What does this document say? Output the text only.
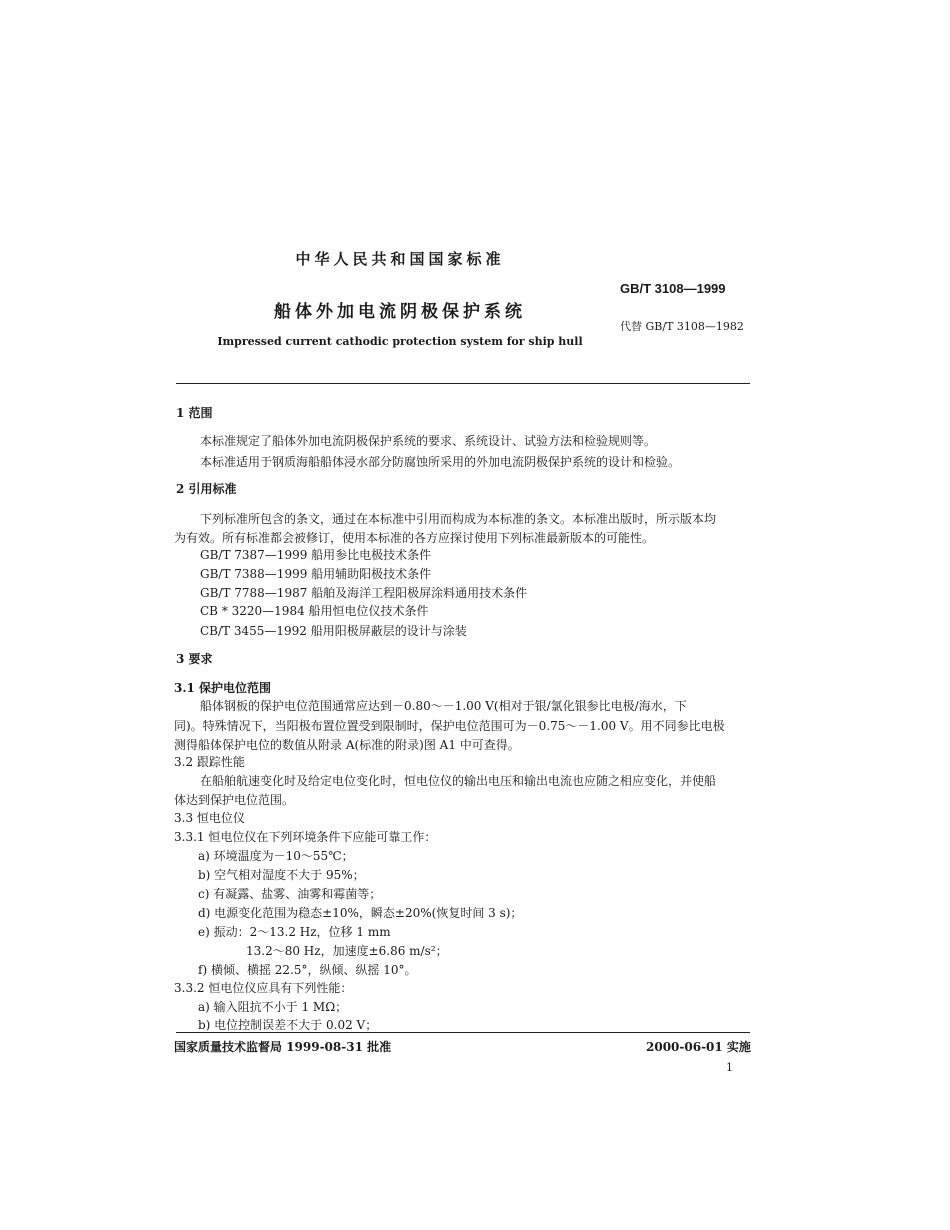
中华人民共和国国家标准
GB/T 3108—1999
船体外加电流阴极保护系统
代替 GB/T 3108—1982
Impressed current cathodic protection system for ship hull
1 范围
本标准规定了船体外加电流阴极保护系统的要求、系统设计、试验方法和检验规则等。
本标准适用于钢质海船船体浸水部分防腐蚀所采用的外加电流阴极保护系统的设计和检验。
2 引用标准
下列标准所包含的条文，通过在本标准中引用而构成为本标准的条文。本标准出版时，所示版本均
为有效。所有标准都会被修订，使用本标准的各方应探讨使用下列标准最新版本的可能性。
GB/T 7387—1999 船用参比电极技术条件
GB/T 7388—1999 船用辅助阳极技术条件
GB/T 7788—1987 船舶及海洋工程阳极屏涂料通用技术条件
CB * 3220—1984 船用恒电位仪技术条件
CB/T 3455—1992 船用阳极屏蔽层的设计与涂装
3 要求
3.1 保护电位范围
船体钢板的保护电位范围通常应达到－0.80～－1.00 V(相对于银/氯化银参比电极/海水，下
同)。特殊情况下，当阳极布置位置受到限制时，保护电位范围可为－0.75～－1.00 V。用不同参比电极
测得船体保护电位的数值从附录 A(标准的附录)图 A1 中可查得。
3.2 跟踪性能
在船舶航速变化时及给定电位变化时，恒电位仪的输出电压和输出电流也应随之相应变化，并使船
体达到保护电位范围。
3.3 恒电位仪
3.3.1 恒电位仪在下列环境条件下应能可靠工作：
a) 环境温度为－10～55℃；
b) 空气相对湿度不大于 95%；
c) 有凝露、盐雾、油雾和霉菌等；
d) 电源变化范围为稳态±10%，瞬态±20%(恢复时间 3 s)；
e) 振动：2～13.2 Hz，位移 1 mm
13.2～80 Hz，加速度±6.86 m/s²；
f) 横倾、横摇 22.5°，纵倾、纵摇 10°。
3.3.2 恒电位仪应具有下列性能：
a) 输入阻抗不小于 1 MΩ；
b) 电位控制误差不大于 0.02 V；
国家质量技术监督局 1999-08-31 批准	2000-06-01 实施
1
